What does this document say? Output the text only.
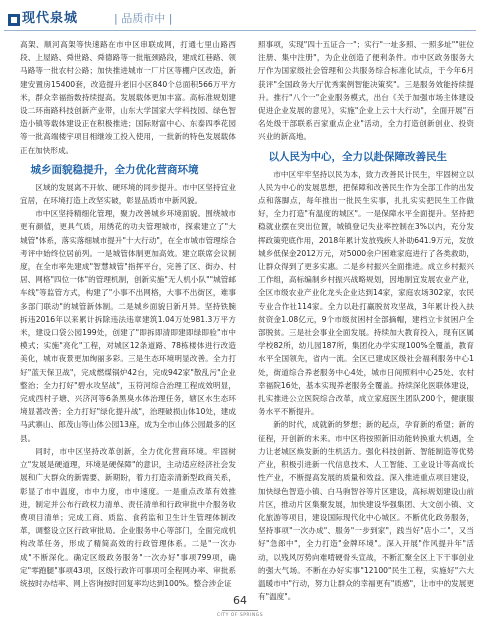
现代泉城	| 品质市中 |

高架、顺河高架等快速路在市中区串联成网，打通七里山路西段、上屋路、舜世路、舜德路等一批瓶颈路段，建成红巷路、领马路等一批农村公路；加快推进城市一厂片区等棚户区改造，新建安置房15400套，改造提升老旧小区840个总面积566万平方米，群众幸福指数持续提高。发展载体更加丰富。高标准规划建设二环南路科技创新产业带，山东大学国家大学科技园、绿色智造小镇等载体建设正在积极推进；国际财富中心、东泰四季花园等一批高端楼宇项目相继竣工投入使用，一批新的特色发展载体正在加快形成。

城乡面貌稳提升，全力优化营商环境

区域的发展离不开软、硬环境的同步提升。市中区坚持宜业宜居，在环境打造上改坚实破，彰显品质市中新风貌。

市中区坚持精细化管理，聚力改善城乡环境面貌。围绕城市更有颜值，更具气质，用绣花的功夫管理城市，探索建立了"大城管"体系，落实落细城市提升"十大行动"，在全市城市管理综合考评中始终位居前列。一是城管体制更加高效。建立联席会议制度，在全市率先建成"智慧城管"指挥平台，完善了区、街办、村居、网格"四位一体"的管理机制，创新实施"无人机小队""城管邮车线"等监管方式，构建了"小事不出网格，大事不出街区，难事多部门联动"的城管新体制。二是城乡面貌日新月异。坚持铁腕拆违2016年以来累计拆除违法违章建筑1.04万处981.3万平方米，建设口袋公园199处，创建了"即拆即清即建即绿即验"市中模式；实施"亮化"工程，对城区12条道路、78栋楼体进行改造美化，城市夜景更加绚丽多彩。三是生态环境明显改善。全力打好"蓝天保卫战"，完成燃煤锅炉42台，完成942家"散乱污"企业整治；全力打好"碧水攻坚战"，玉符河综合治理工程成效明显，完成西村子塘、兴济河等6条黑臭水体治理任务，辖区水生态环境显著改善；全力打好"绿化提升战"，治理破损山体10处，建成马武寨山、郎茂山等山体公园13座，成为全市山体公园最多的区县。

同时，市中区坚持改革创新，全力优化营商环境。牢固树立"发展是硬道理，环境是硬保障"的意识，主动适应经济社会发展和广大群众的新需要、新期盼，着力打造亲清新型政商关系，彰显了市中温度，市中力度，市中速度。一是重点改革有效推进，制定并公布行政权力清单、责任清单和行政审批中介服务收费项目清单；完成工商、质监、食药监和卫生计生管理体制改革，调整设立区行政审批局。企业服务中心等部门，全面完成机构改革任务，形成了精简高效的行政管理体系。二是"一次办成"不断深化。确定区级政务服务"一次办好"事项799项，确定"零跑腿"事项43项，区级行政许可事项可全程网办率、审批系统按时办结率、网上咨询按时回复率均达到100%。整合涉企证

照事项，实现"四十五证合一"；实行"一址多照、一照多址""驻位注册、集中注册"，为企业创造了便利条件。市中区政务服务大厅作为国家级社会管理和公共服务综合标准化试点，于今年6月获评"全国政务大厅优秀案例智能决策奖"。三是服务效能持续提升。推行"八个一"企业服务模式，出台《关于加强市场主体建设促进企业发展的意见》，实施"企业上云十大行动"，全面开展"百名处级干部联系百家重点企业"活动，全力打造创新创业、投资兴业的新高地。

以人民为中心，全力以赴保障改善民生

市中区牢牢坚持以民为本，致力改善民计民生，牢固树立以人民为中心的发展思想，把保障和改善民生作为全部工作的出发点和落脚点，每年推出一批民生实事，扎扎实实把民生工作做好，全力打造"有温度的城区"。一是保障水平全面提升。坚持把稳就业摆在突出位置，城镇登记失业率控制在3%以内，充分发挥政策兜底作用，2018年累计发放残疾人补助641.9万元，发放城乡低保金2012万元，对5000余户困难家庭进行了各类救助，让群众得到了更多实惠。二是乡村振兴全面推进。成立乡村振兴工作组，高标编制乡村振兴战略规划，因地制宜发展农业产业，全区市级农业产业化龙头企业达到14家，家庭农场302家，农民专业合作社114家。全力以赴打赢脱贫攻坚战，3年累计投入扶贫资金1.08亿元，9个市级贫困村全部摘帽，建档立卡贫困户全部脱贫。三是社会事业全面发展。持续加大教育投入，现有区属学校82所，幼儿园187所，集团化办学实现100%全覆盖，教育水平全国领先，省内一流。全区已建成区级社会福利服务中心1处，街道综合养老服务中心4处，城市日间照料中心25处、农村幸福院16处，基本实现养老服务全覆盖。持续深化医联体建设，扎实推进公立医院综合改革，成立家庭医生团队200个，健康服务水平不断提升。

新的时代，成就新的梦想；新的起点，孕育新的希望；新的征程，开创新的未来。市中区将按照新旧动能转换重大机遇，全力让老城区焕发新的生机活力。强化科技创新、智能制造等优势产业，积极引进新一代信息技术、人工智能、工业设计等高成长性产业，不断提高发展的质量和效益。深入推进重点项目建设，加快绿色智造小镇、白马驹智谷等片区建设，高标规划建设山前片区，推动片区集聚发展，加快建设华强集团、大文创小镇、文化旅游等项目，建设国际现代化中心城区。不断优化政务服务，坚持事项"一次办成"、服务"一步到家"，践当好"店小二"，又当好"急郎中"，全力打造"金牌环境"。深入开展"作风提升年"活动，以残风厉势向难啃硬骨头宣战，不断汇聚全区上下干事创业的强大气场。不断在办好实事"12100"民生工程，实施好"六大温暖市中"行动，努力让群众的幸福更有"质感"，让市中的发展更有"温度"。

64
CITY OF SPRINGS
